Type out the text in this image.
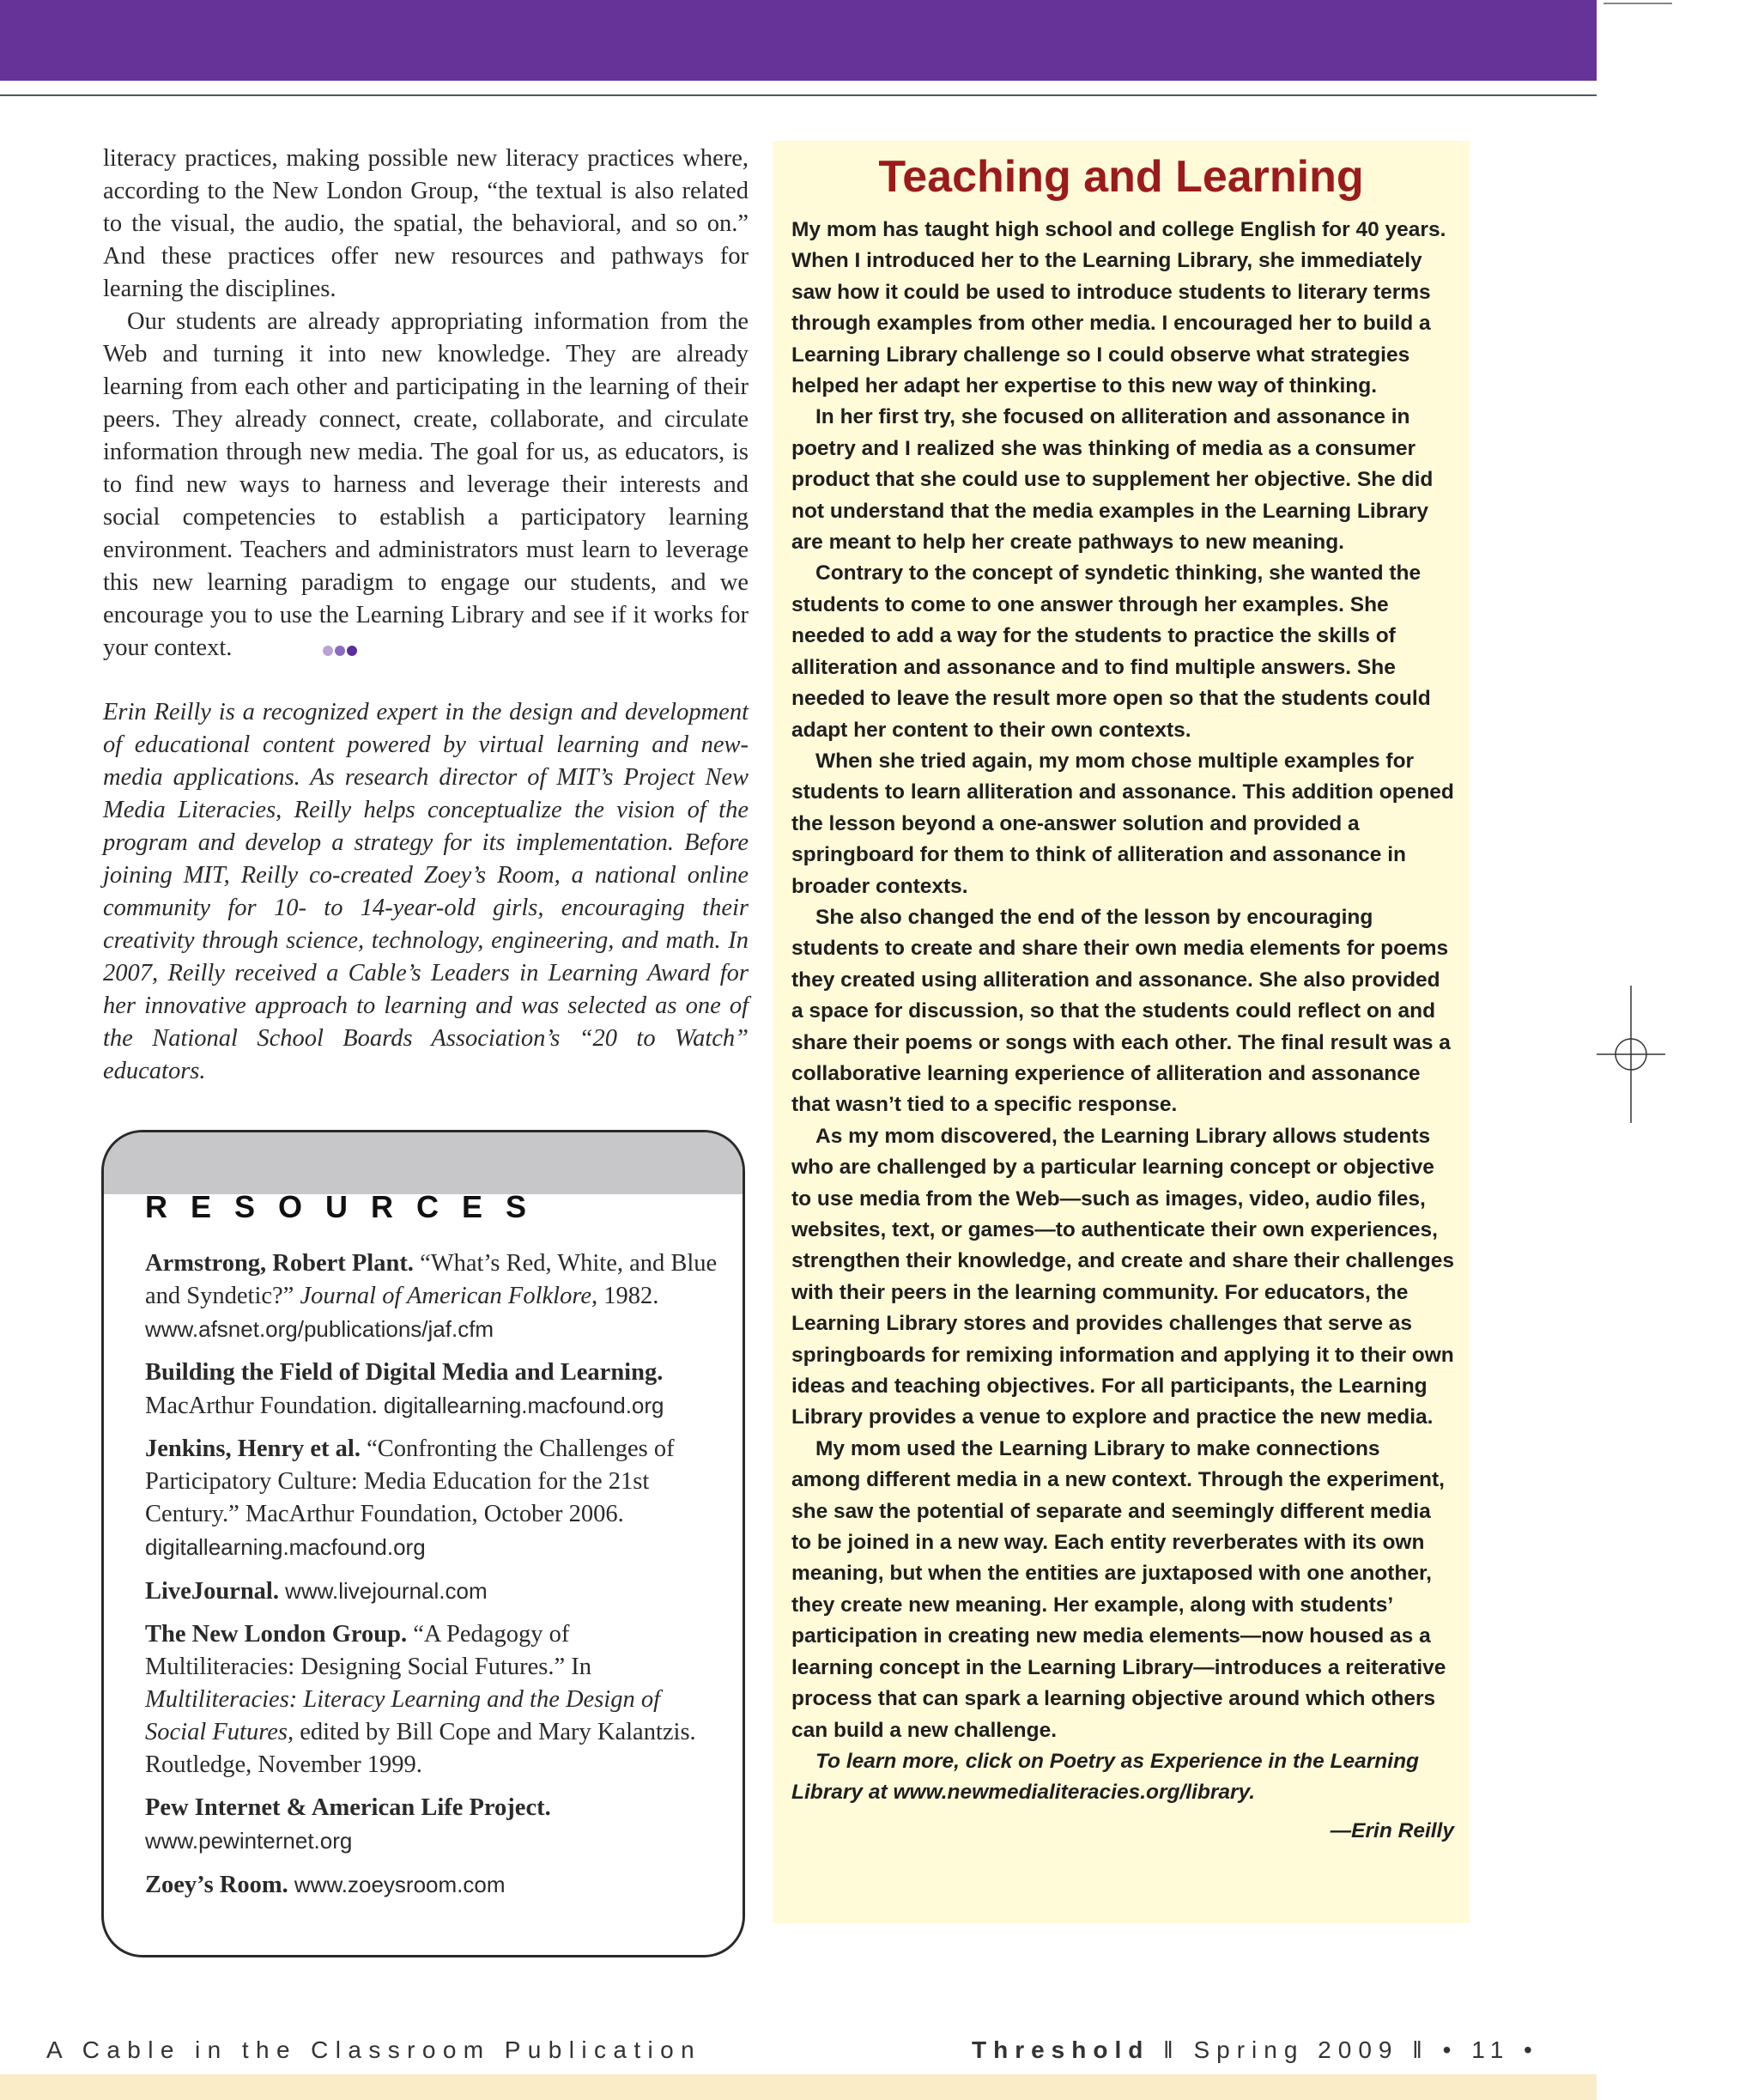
literacy practices, making possible new literacy practices where, according to the New London Group, “the textual is also related to the visual, the audio, the spatial, the behavioral, and so on.” And these practices offer new resources and pathways for learning the disciplines.

Our students are already appropriating information from the Web and turning it into new knowledge. They are already learning from each other and participating in the learning of their peers. They already connect, create, collaborate, and circulate information through new media. The goal for us, as educators, is to find new ways to harness and leverage their interests and social competencies to establish a participatory learning environment. Teachers and administrators must learn to leverage this new learning paradigm to engage our students, and we encourage you to use the Learning Library and see if it works for your context.

Erin Reilly is a recognized expert in the design and development of educational content powered by virtual learning and new-media applications. As research director of MIT’s Project New Media Literacies, Reilly helps conceptualize the vision of the program and develop a strategy for its implementation. Before joining MIT, Reilly co-created Zoey’s Room, a national online community for 10- to 14-year-old girls, encouraging their creativity through science, technology, engineering, and math. In 2007, Reilly received a Cable’s Leaders in Learning Award for her innovative approach to learning and was selected as one of the National School Boards Association’s “20 to Watch” educators.

RESOURCES
Armstrong, Robert Plant. “What’s Red, White, and Blue and Syndetic?” Journal of American Folklore, 1982. www.afsnet.org/publications/jaf.cfm
Building the Field of Digital Media and Learning. MacArthur Foundation. digitallearning.macfound.org
Jenkins, Henry et al. “Confronting the Challenges of Participatory Culture: Media Education for the 21st Century.” MacArthur Foundation, October 2006. digitallearning.macfound.org
LiveJournal. www.livejournal.com
The New London Group. “A Pedagogy of Multiliteracies: Designing Social Futures.” In Multiliteracies: Literacy Learning and the Design of Social Futures, edited by Bill Cope and Mary Kalantzis. Routledge, November 1999.
Pew Internet & American Life Project.
www.pewinternet.org
Zoey’s Room. www.zoeysroom.com
Teaching and Learning

My mom has taught high school and college English for 40 years. When I introduced her to the Learning Library, she immediately saw how it could be used to introduce students to literary terms through examples from other media. I encouraged her to build a Learning Library challenge so I could observe what strategies helped her adapt her expertise to this new way of thinking.

In her first try, she focused on alliteration and assonance in poetry and I realized she was thinking of media as a consumer product that she could use to supplement her objective. She did not understand that the media examples in the Learning Library are meant to help her create pathways to new meaning.

Contrary to the concept of syndetic thinking, she wanted the students to come to one answer through her examples. She needed to add a way for the students to practice the skills of alliteration and assonance and to find multiple answers. She needed to leave the result more open so that the students could adapt her content to their own contexts.

When she tried again, my mom chose multiple examples for students to learn alliteration and assonance. This addition opened the lesson beyond a one-answer solution and provided a springboard for them to think of alliteration and assonance in broader contexts.

She also changed the end of the lesson by encouraging students to create and share their own media elements for poems they created using alliteration and assonance. She also provided a space for discussion, so that the students could reflect on and share their poems or songs with each other. The final result was a collaborative learning experience of alliteration and assonance that wasn’t tied to a specific response.

As my mom discovered, the Learning Library allows students who are challenged by a particular learning concept or objective to use media from the Web—such as images, video, audio files, websites, text, or games—to authenticate their own experiences, strengthen their knowledge, and create and share their challenges with their peers in the learning community. For educators, the Learning Library stores and provides challenges that serve as springboards for remixing information and applying it to their own ideas and teaching objectives. For all participants, the Learning Library provides a venue to explore and practice the new media.

My mom used the Learning Library to make connections among different media in a new context. Through the experiment, she saw the potential of separate and seemingly different media to be joined in a new way. Each entity reverberates with its own meaning, but when the entities are juxtaposed with one another, they create new meaning. Her example, along with students’ participation in creating new media elements—now housed as a learning concept in the Learning Library—introduces a reiterative process that can spark a learning objective around which others can build a new challenge.

To learn more, click on Poetry as Experience in the Learning Library at www.newmedialiteracies.org/library.

—Erin Reilly

A Cable in the Classroom Publication	Threshold ‖ Spring 2009 ‖ • 11 •
